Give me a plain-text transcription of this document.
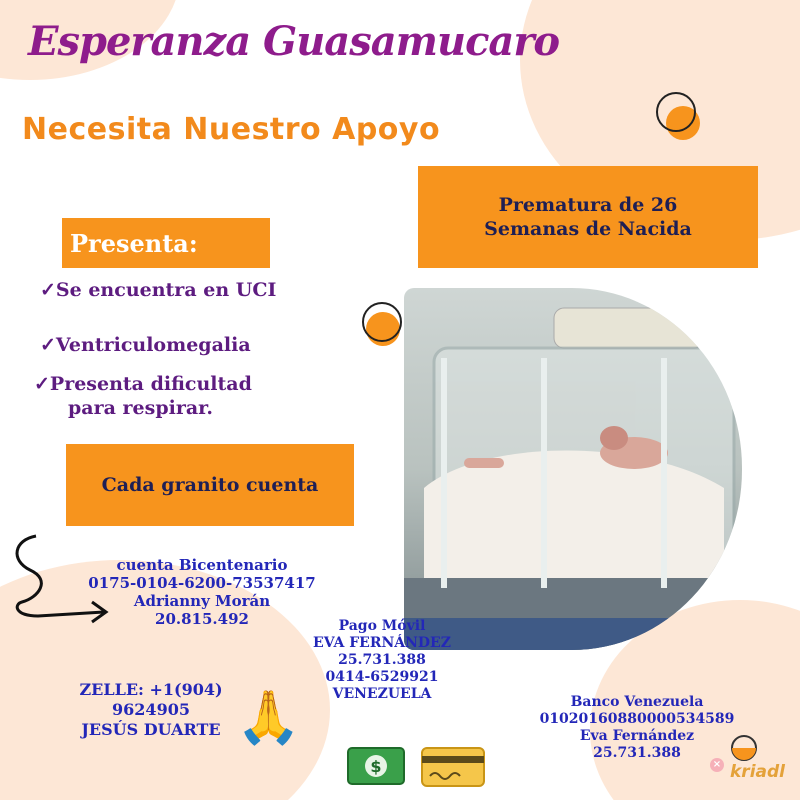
Esperanza Guasamucaro
Necesita Nuestro Apoyo
Prematura de 26
Semanas de Nacida
Presenta:
✓Se encuentra en UCI
✓Ventriculomegalia
✓Presenta dificultad
para respirar.
Cada granito cuenta
cuenta Bicentenario
0175-0104-6200-73537417
Adrianny Morán
20.815.492	Pago Móvil
EVA FERNÁNDEZ
25.731.388
0414-6529921
VENEZUELA
ZELLE: +1(904)
9624905
JESÚS DUARTE
Banco Venezuela
01020160880000534589
Eva Fernández
25.731.388
🙏
$	× kriadl
